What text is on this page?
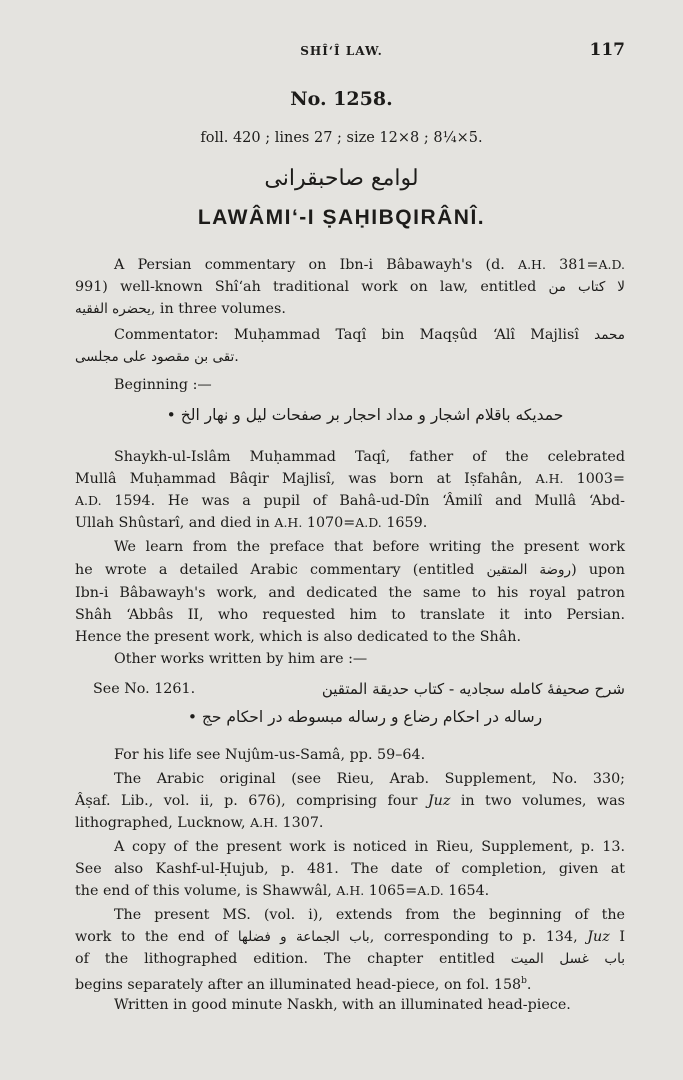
SHÎ‘Î LAW.	117
No. 1258.
foll. 420 ; lines 27 ; size 12×8 ; 8¼×5.
لوامع صاحبقرانی
LAWÂMI‘-I ṢAḤIBQIRÂNÎ.
A Persian commentary on Ibn-i Bâbawayh's (d. A.H. 381=A.D.
991) well-known Shî‘ah traditional work on law, entitled لا كتاب من
يحضره الفقيه, in three volumes.
Commentator: Muḥammad Taqî bin Maqṣûd ‘Alî Majlisî محمد
تقی بن مقصود علی مجلسی.
Beginning :—
حمدیکه باقلام اشجار و مداد احجار بر صفحات لیل و نهار الخ •
Shaykh-ul-Islâm Muḥammad Taqî, father of the celebrated
Mullâ Muḥammad Bâqir Majlisî, was born at Iṣfahân, A.H. 1003=
A.D. 1594. He was a pupil of Bahâ-ud-Dîn ‘Âmilî and Mullâ ‘Abd-
Ullah Shûstarî, and died in A.H. 1070=A.D. 1659.
We learn from the preface that before writing the present work
he wrote a detailed Arabic commentary (entitled روضة المتقين) upon
Ibn-i Bâbawayh's work, and dedicated the same to his royal patron
Shâh ‘Abbâs II, who requested him to translate it into Persian.
Hence the present work, which is also dedicated to the Shâh.
Other works written by him are :—
See No. 1261.	شرح صحیفۀ کامله سجادیه - کتاب حدیقة المتقین
رساله در احکام رضاع و رساله مبسوطه در احکام حج •
For his life see Nujûm-us-Samâ, pp. 59–64.
The Arabic original (see Rieu, Arab. Supplement, No. 330;
Âṣaf. Lib., vol. ii, p. 676), comprising four Juz in two volumes, was
lithographed, Lucknow, A.H. 1307.
A copy of the present work is noticed in Rieu, Supplement, p. 13.
See also Kashf-ul-Ḥujub, p. 481. The date of completion, given at
the end of this volume, is Shawwâl, A.H. 1065=A.D. 1654.
The present MS. (vol. i), extends from the beginning of the
work to the end of باب الجماعة و فضلها, corresponding to p. 134, Juz I
of the lithographed edition. The chapter entitled باب غسل الميت
begins separately after an illuminated head-piece, on fol. 158$^b$.
Written in good minute Naskh, with an illuminated head-piece.
